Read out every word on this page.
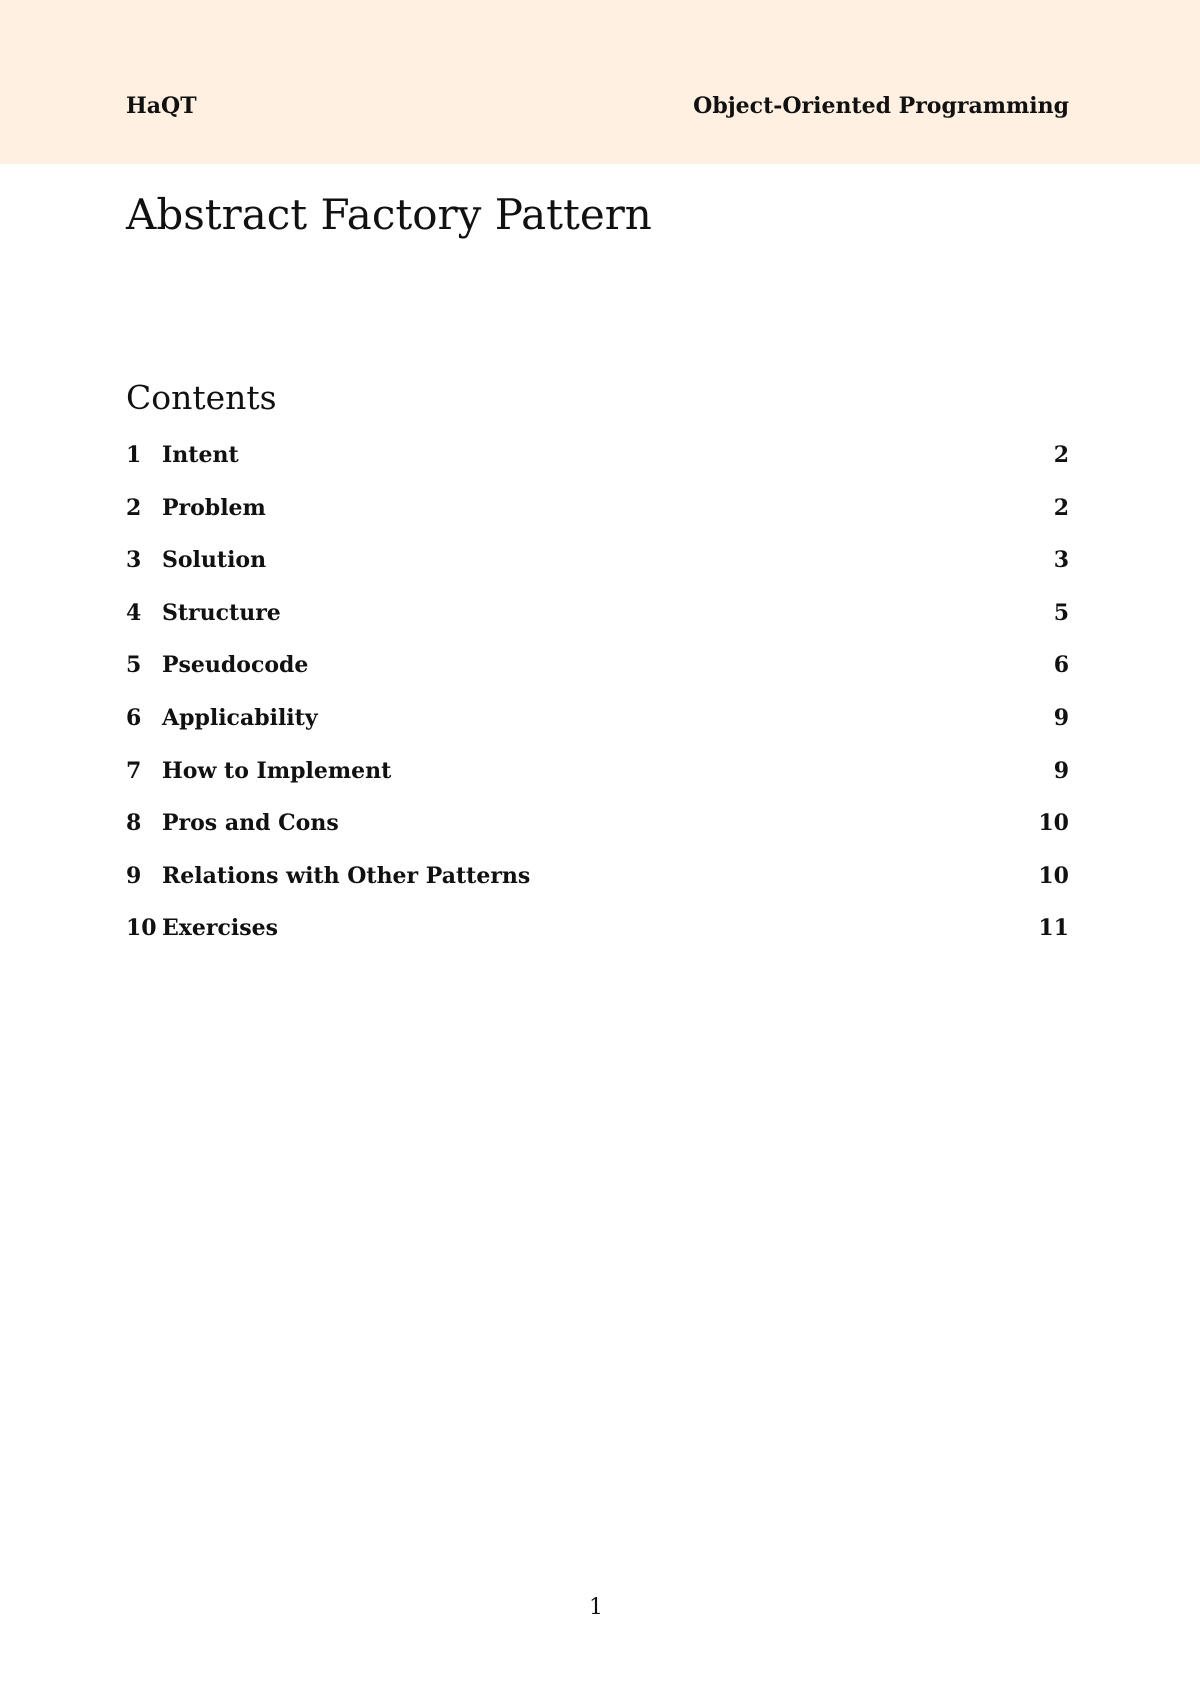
HaQT	Object-Oriented Programming
Abstract Factory Pattern
Contents
1 Intent	2
2 Problem	2
3 Solution	3
4 Structure	5
5 Pseudocode	6
6 Applicability	9
7 How to Implement	9
8 Pros and Cons	10
9 Relations with Other Patterns	10
10 Exercises	11
1
